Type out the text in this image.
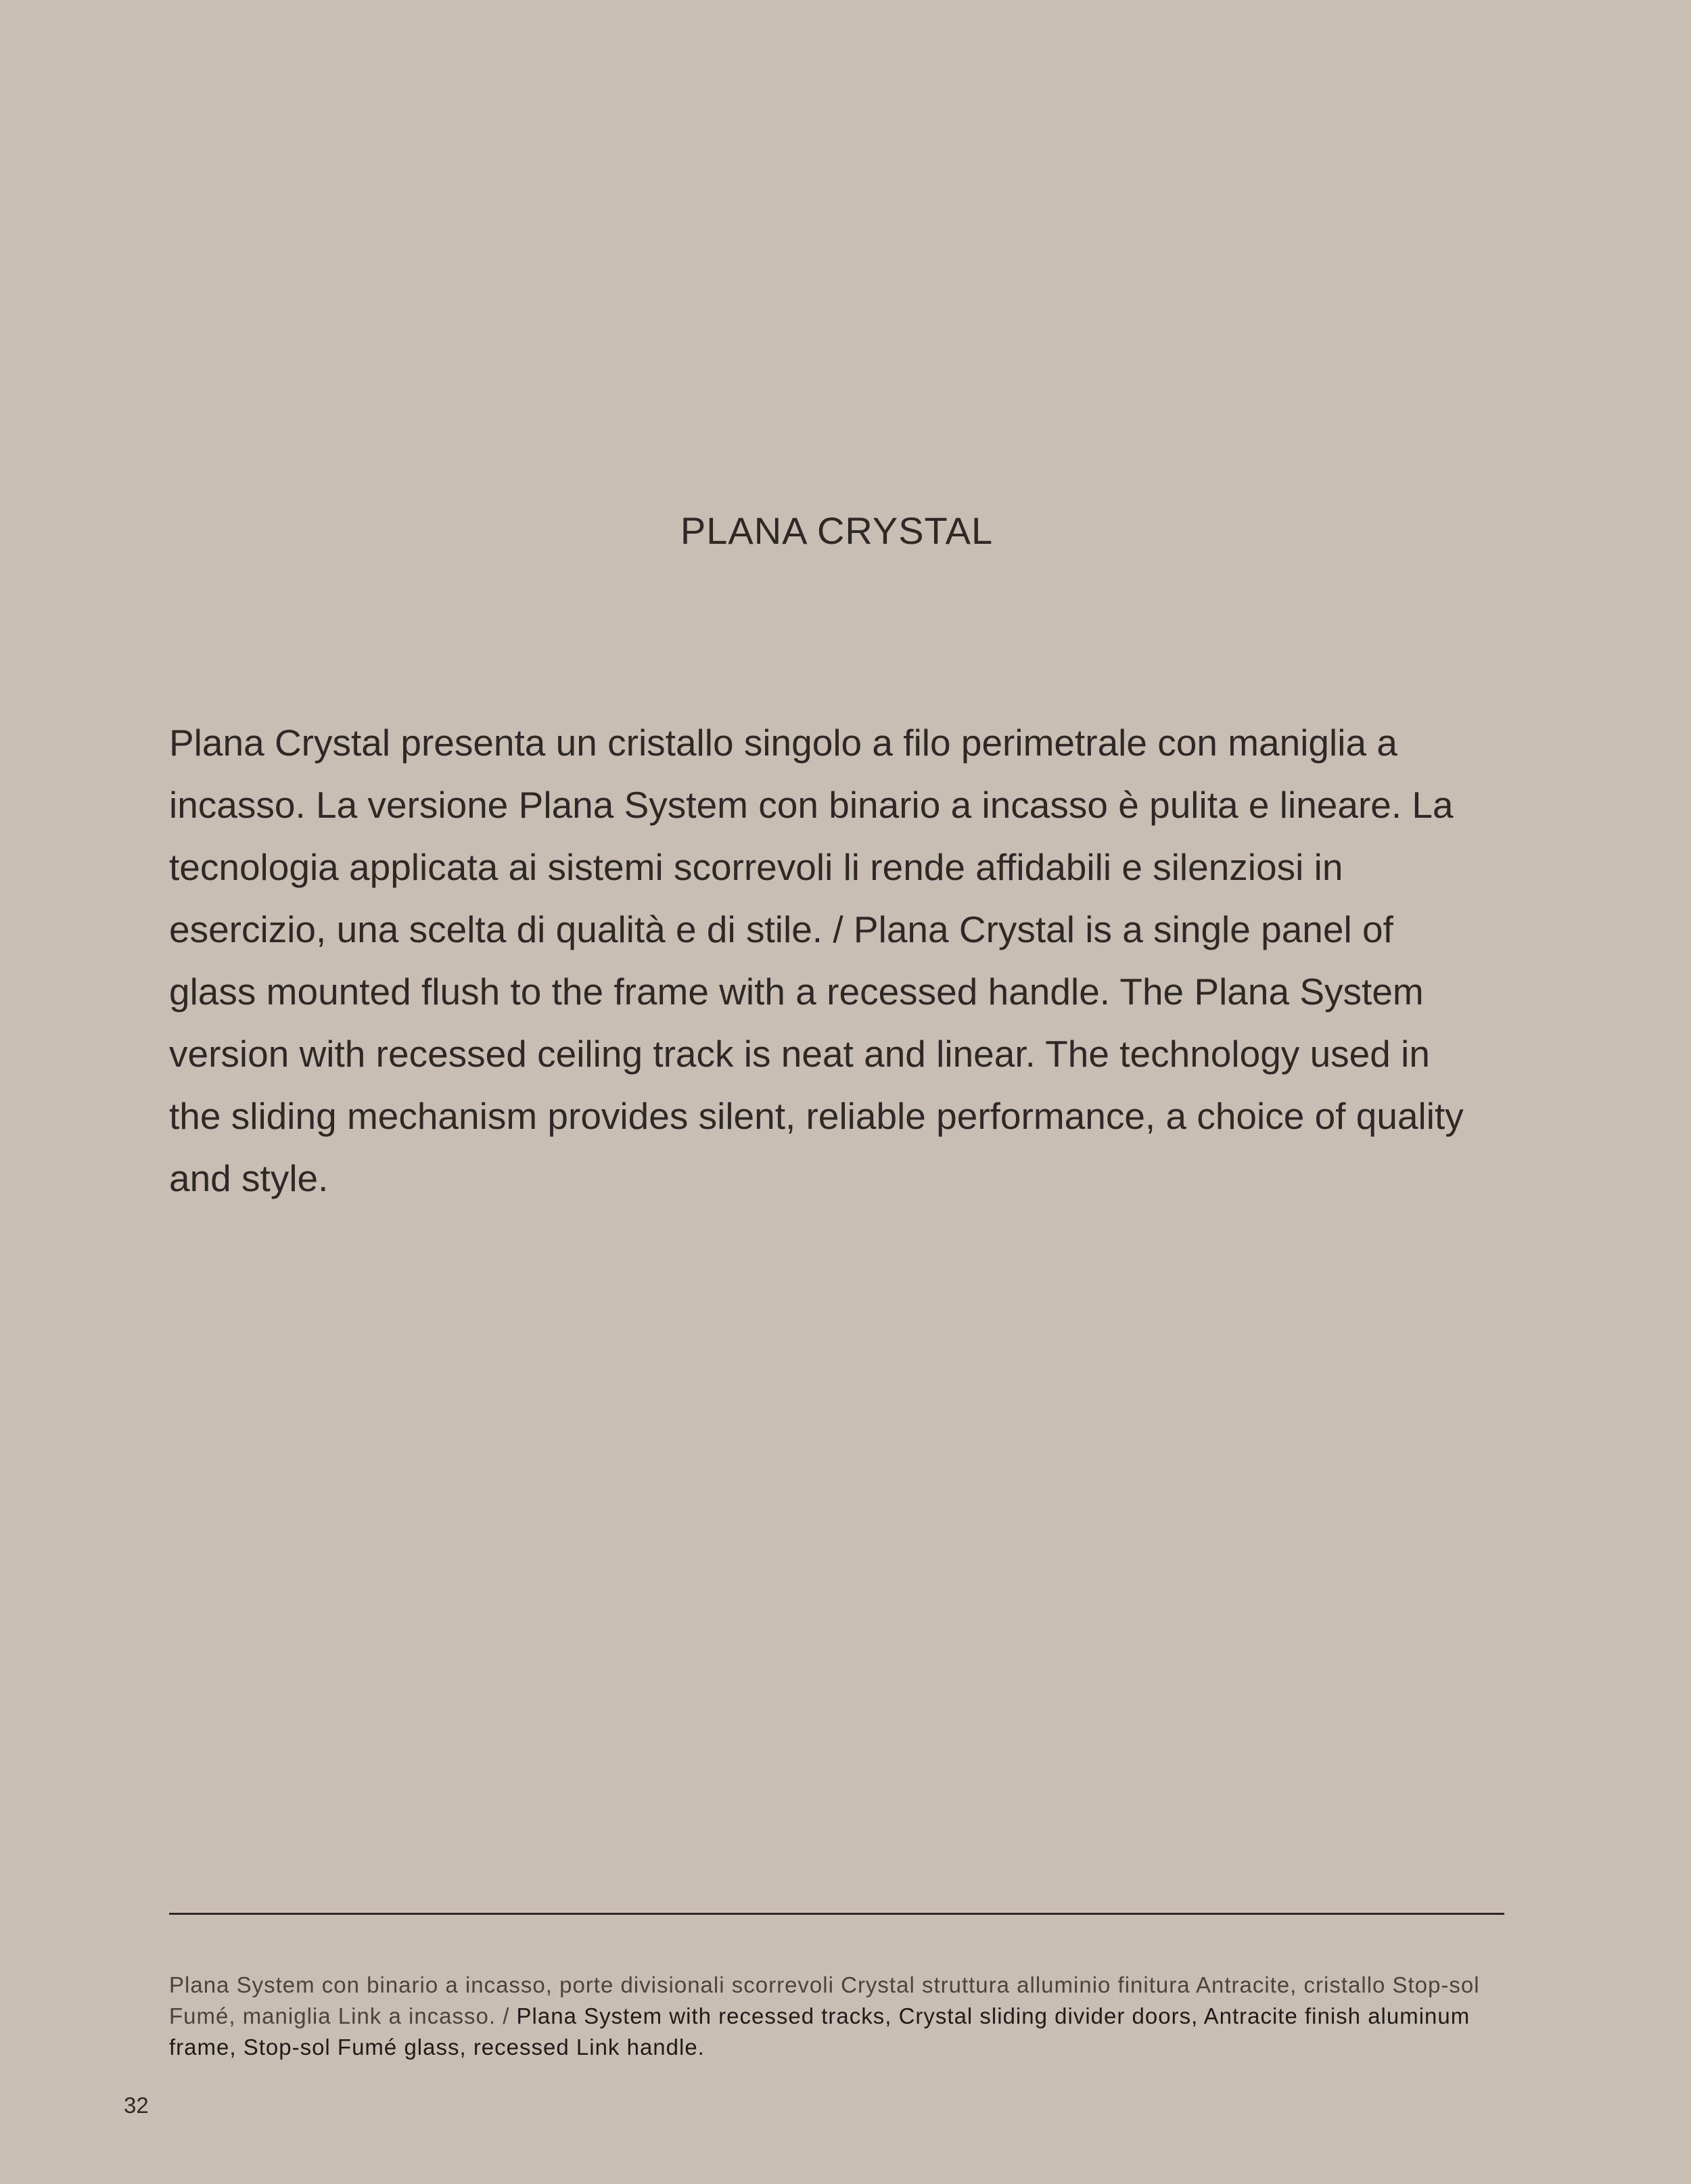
PLANA CRYSTAL
Plana Crystal presenta un cristallo singolo a filo perimetrale con maniglia a incasso. La versione Plana System con binario a incasso è pulita e lineare. La tecnologia applicata ai sistemi scorrevoli li rende affidabili e silenziosi in esercizio, una scelta di qualità e di stile. / Plana Crystal is a single panel of glass mounted flush to the frame with a recessed handle. The Plana System version with recessed ceiling track is neat and linear. The technology used in the sliding mechanism provides silent, reliable performance, a choice of quality and style.
Plana System con binario a incasso, porte divisionali scorrevoli Crystal struttura alluminio finitura Antracite, cristallo Stop-sol Fumé, maniglia Link a incasso. / Plana System with recessed tracks, Crystal sliding divider doors, Antracite finish aluminum frame, Stop-sol Fumé glass, recessed Link handle.
32
